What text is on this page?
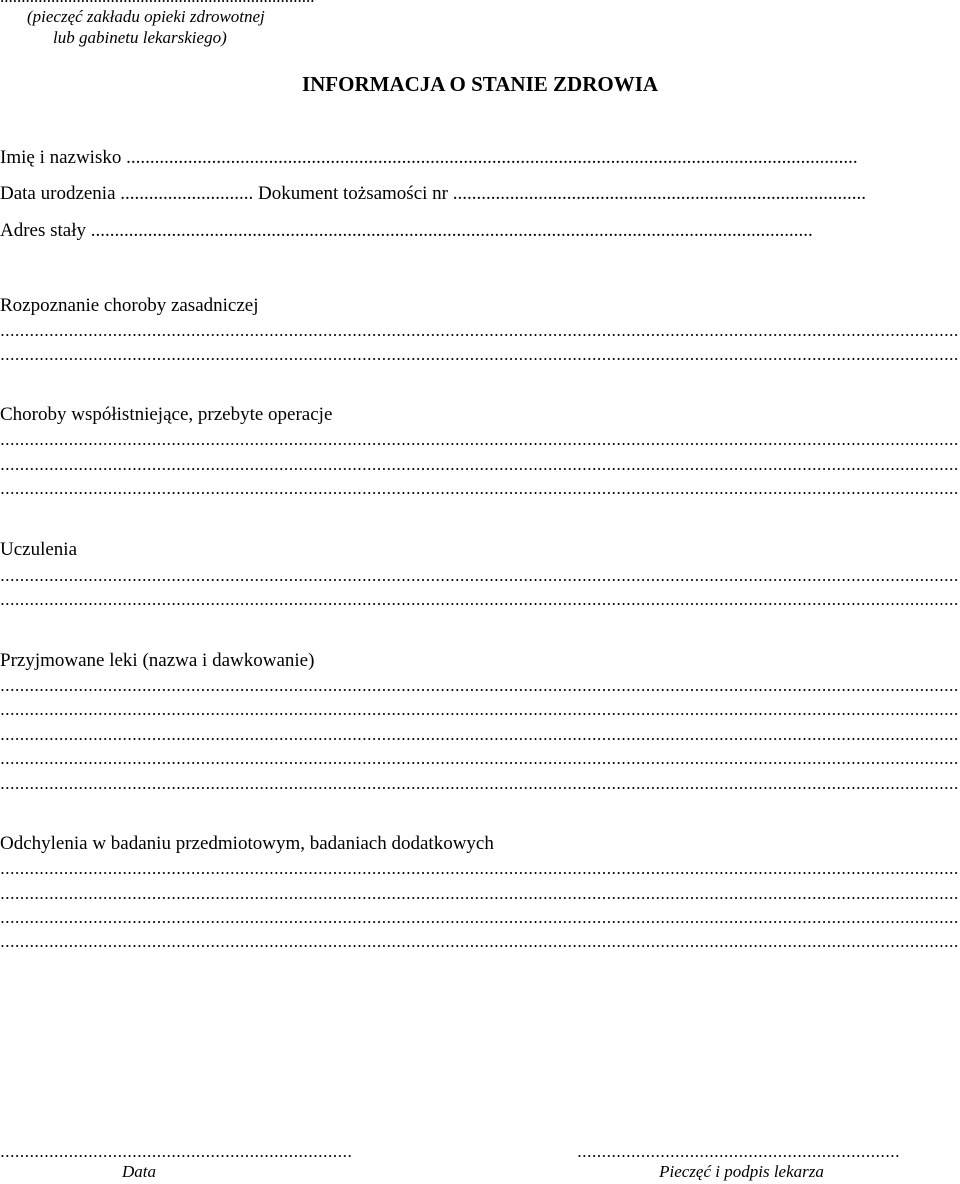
(pieczęć zakładu opieki zdrowotnej
lub gabinetu lekarskiego)
INFORMACJA O STANIE ZDROWIA
Imię i nazwisko ..........................................................................................................................................................
Data urodzenia ............................ Dokument tożsamości nr .......................................................................................
Adres stały ........................................................................................................................................................
Rozpoznanie choroby zasadniczej
Choroby współistniejące, przebyte operacje
Uczulenia
Przyjmowane leki (nazwa i dawkowanie)
Odchylenia w badaniu przedmiotowym, badaniach dodatkowych
Data	Pieczęć i podpis lekarza
